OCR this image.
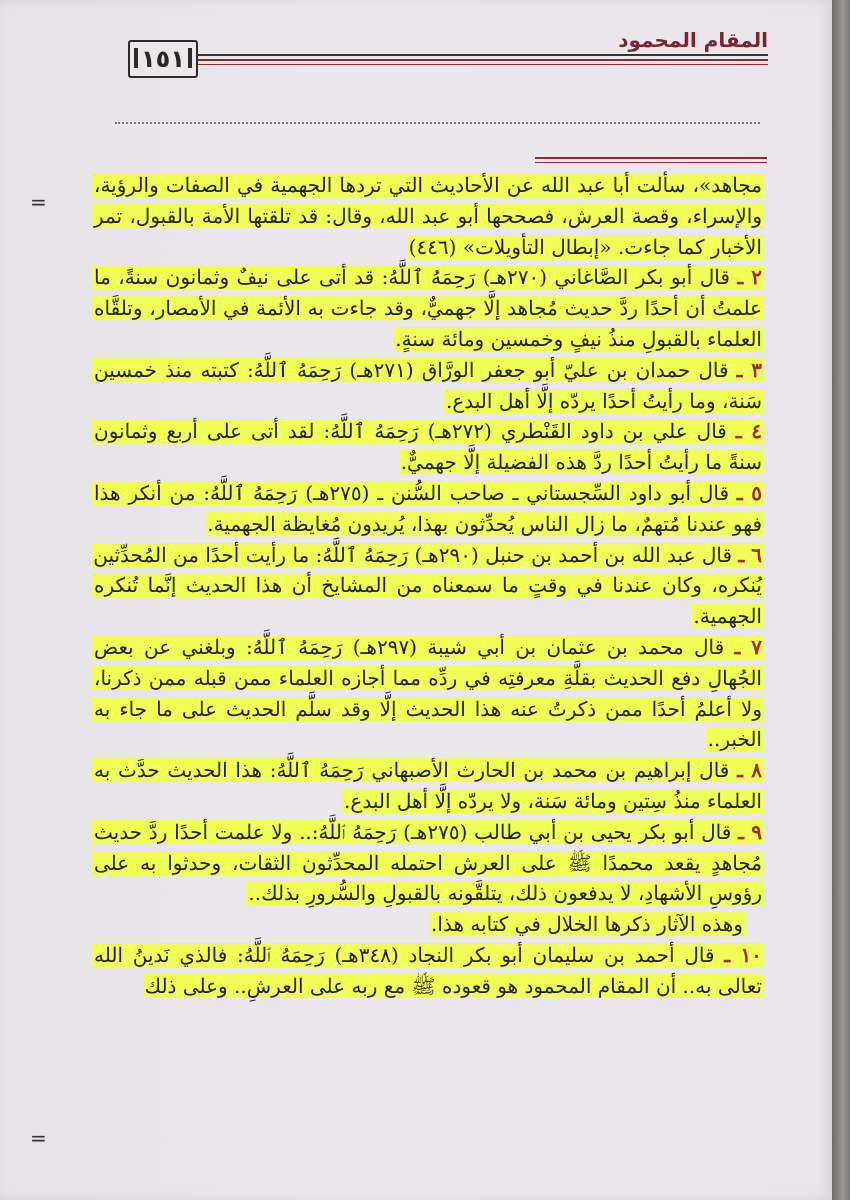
١٥١
المقام المحمود
=

مجاهد»، سألت أبا عبد الله عن الأحاديث التي تردها الجهمية في الصفات والرؤية، والإسراء، وقصة العرش، فصححها أبو عبد الله، وقال: قد تلقتها الأمة بالقبول، تمر الأخبار كما جاءت. «إبطال التأويلات» (٤٤٦)

٢ ـ قال أبو بكر الصَّاغاني (٢٧٠هـ) رَحِمَهُ ٱللَّهُ: قد أتى على نيفٌ وثمانون سنةً، ما علمتُ أن أحدًا ردَّ حديث مُجاهد إلَّا جهميٌّ، وقد جاءت به الأئمة في الأمصار، وتلقَّاه العلماء بالقبولِ منذُ نيفٍ وخمسين ومائة سنةٍ.

٣ ـ قال حمدان بن عليّ أبو جعفر الورَّاق (٢٧١هـ) رَحِمَهُ ٱللَّهُ: كتبته منذ خمسين سَنة، وما رأيتُ أحدًا يردّه إلَّا أهل البدع.

٤ ـ قال علي بن داود القَنْطري (٢٧٢هـ) رَحِمَهُ ٱللَّهُ: لقد أتى على أربع وثمانون سنةً ما رأيتُ أحدًا ردَّ هذه الفضيلة إلَّا جهميٌّ.

٥ ـ قال أبو داود السِّجستاني ـ صاحب السُّنن ـ (٢٧٥هـ) رَحِمَهُ ٱللَّهُ: من أنكر هذا فهو عندنا مُتهمٌ، ما زال الناس يُحدِّثون بهذا، يُريدون مُغايظة الجهمية.

٦ ـ قال عبد الله بن أحمد بن حنبل (٢٩٠هـ) رَحِمَهُ ٱللَّهُ: ما رأيت أحدًا من المُحدِّثين يُنكره، وكان عندنا في وقتٍ ما سمعناه من المشايخ أن هذا الحديث إنَّما تُنكره الجهمية.

٧ ـ قال محمد بن عثمان بن أبي شيبة (٢٩٧هـ) رَحِمَهُ ٱللَّهُ: وبلغني عن بعض الجُهالِ دفع الحديث بقلَّةِ معرفتِه في ردِّه مما أجازه العلماء ممن قبله ممن ذكرنا، ولا أعلمُ أحدًا ممن ذكرتُ عنه هذا الحديث إلَّا وقد سلَّم الحديث على ما جاء به الخبر..

٨ ـ قال إبراهيم بن محمد بن الحارث الأصبهاني رَحِمَهُ ٱللَّهُ: هذا الحديث حدَّث به العلماء منذُ سِتين ومائة سَنة، ولا يردّه إلَّا أهل البدع.

٩ ـ قال أبو بكر يحيى بن أبي طالب (٢٧٥هـ) رَحِمَهُ ٱللَّهُ:.. ولا علمت أحدًا ردَّ حديث مُجاهدٍ يقعد محمدًا ﷺ على العرش احتمله المحدِّثون الثقات، وحدثوا به على رؤوسِ الأشهادِ، لا يدفعون ذلك، يتلقَّونه بالقبولِ والسُّرورِ بذلك..

وهذه الآثار ذكرها الخلال في كتابه هذا.

١٠ ـ قال أحمد بن سليمان أبو بكر النجاد (٣٤٨هـ) رَحِمَهُ ٱللَّهُ: فالذي نَدينُ الله تعالى به.. أن المقام المحمود هو قعوده ﷺ مع ربه على العرشِ.. وعلى ذلك

=
